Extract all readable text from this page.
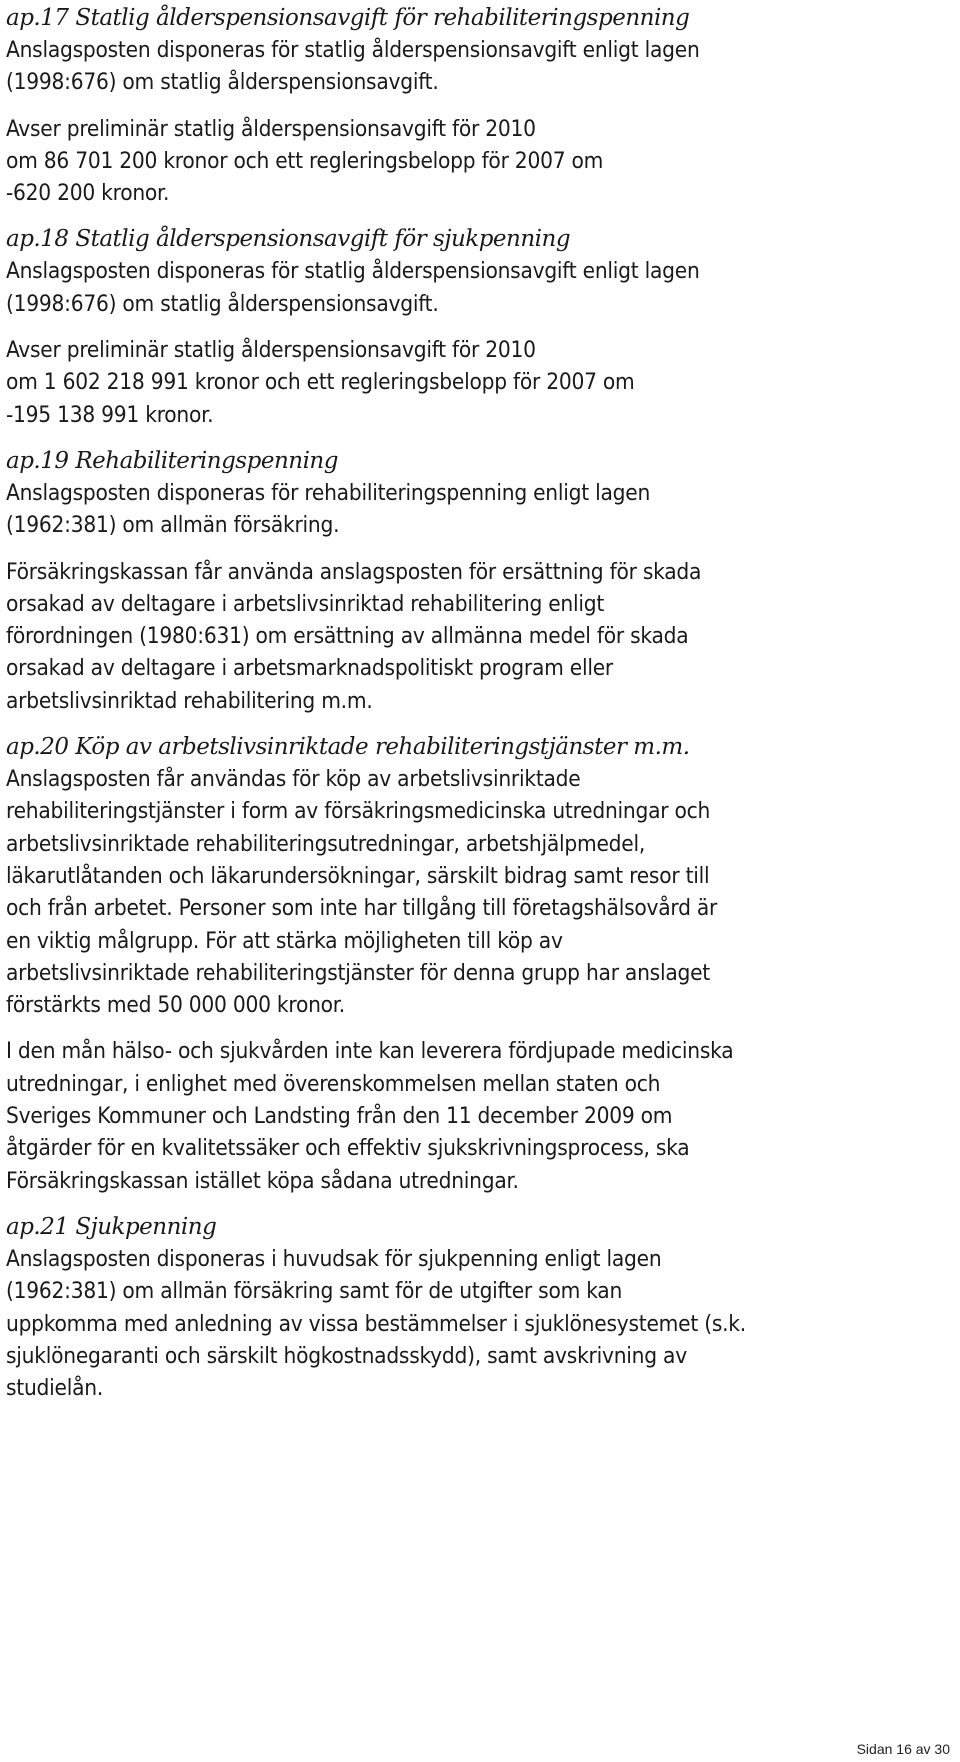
ap.17 Statlig ålderspensionsavgift för rehabiliteringspenning
Anslagsposten disponeras för statlig ålderspensionsavgift enligt lagen
(1998:676) om statlig ålderspensionsavgift.
Avser preliminär statlig ålderspensionsavgift för 2010
om 86 701 200 kronor och ett regleringsbelopp för 2007 om
-620 200 kronor.
ap.18 Statlig ålderspensionsavgift för sjukpenning
Anslagsposten disponeras för statlig ålderspensionsavgift enligt lagen
(1998:676) om statlig ålderspensionsavgift.
Avser preliminär statlig ålderspensionsavgift för 2010
om 1 602 218 991 kronor och ett regleringsbelopp för 2007 om
-195 138 991 kronor.
ap.19 Rehabiliteringspenning
Anslagsposten disponeras för rehabiliteringspenning enligt lagen
(1962:381) om allmän försäkring.
Försäkringskassan får använda anslagsposten för ersättning för skada
orsakad av deltagare i arbetslivsinriktad rehabilitering enligt
förordningen (1980:631) om ersättning av allmänna medel för skada
orsakad av deltagare i arbetsmarknadspolitiskt program eller
arbetslivsinriktad rehabilitering m.m.
ap.20 Köp av arbetslivsinriktade rehabiliteringstjänster m.m.
Anslagsposten får användas för köp av arbetslivsinriktade
rehabiliteringstjänster i form av försäkringsmedicinska utredningar och
arbetslivsinriktade rehabiliteringsutredningar, arbetshjälpmedel,
läkarutlåtanden och läkarundersökningar, särskilt bidrag samt resor till
och från arbetet. Personer som inte har tillgång till företagshälsovård är
en viktig målgrupp. För att stärka möjligheten till köp av
arbetslivsinriktade rehabiliteringstjänster för denna grupp har anslaget
förstärkts med 50 000 000 kronor.
I den mån hälso- och sjukvården inte kan leverera fördjupade medicinska
utredningar, i enlighet med överenskommelsen mellan staten och
Sveriges Kommuner och Landsting från den 11 december 2009 om
åtgärder för en kvalitetssäker och effektiv sjukskrivningsprocess, ska
Försäkringskassan istället köpa sådana utredningar.
ap.21 Sjukpenning
Anslagsposten disponeras i huvudsak för sjukpenning enligt lagen
(1962:381) om allmän försäkring samt för de utgifter som kan
uppkomma med anledning av vissa bestämmelser i sjuklönesystemet (s.k.
sjuklönegaranti och särskilt högkostnadsskydd), samt avskrivning av
studielån.
Sidan 16 av 30
